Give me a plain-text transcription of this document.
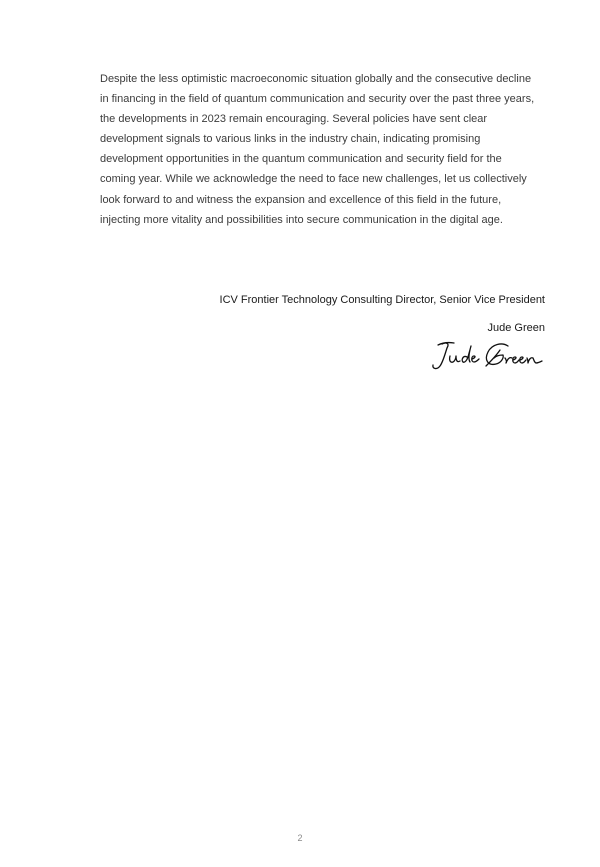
Despite the less optimistic macroeconomic situation globally and the consecutive decline
in financing in the field of quantum communication and security over the past three years,
the developments in 2023 remain encouraging. Several policies have sent clear
development signals to various links in the industry chain, indicating promising
development opportunities in the quantum communication and security field for the
coming year. While we acknowledge the need to face new challenges, let us collectively
look forward to and witness the expansion and excellence of this field in the future,
injecting more vitality and possibilities into secure communication in the digital age.

ICV Frontier Technology Consulting Director, Senior Vice President

Jude Green

2
